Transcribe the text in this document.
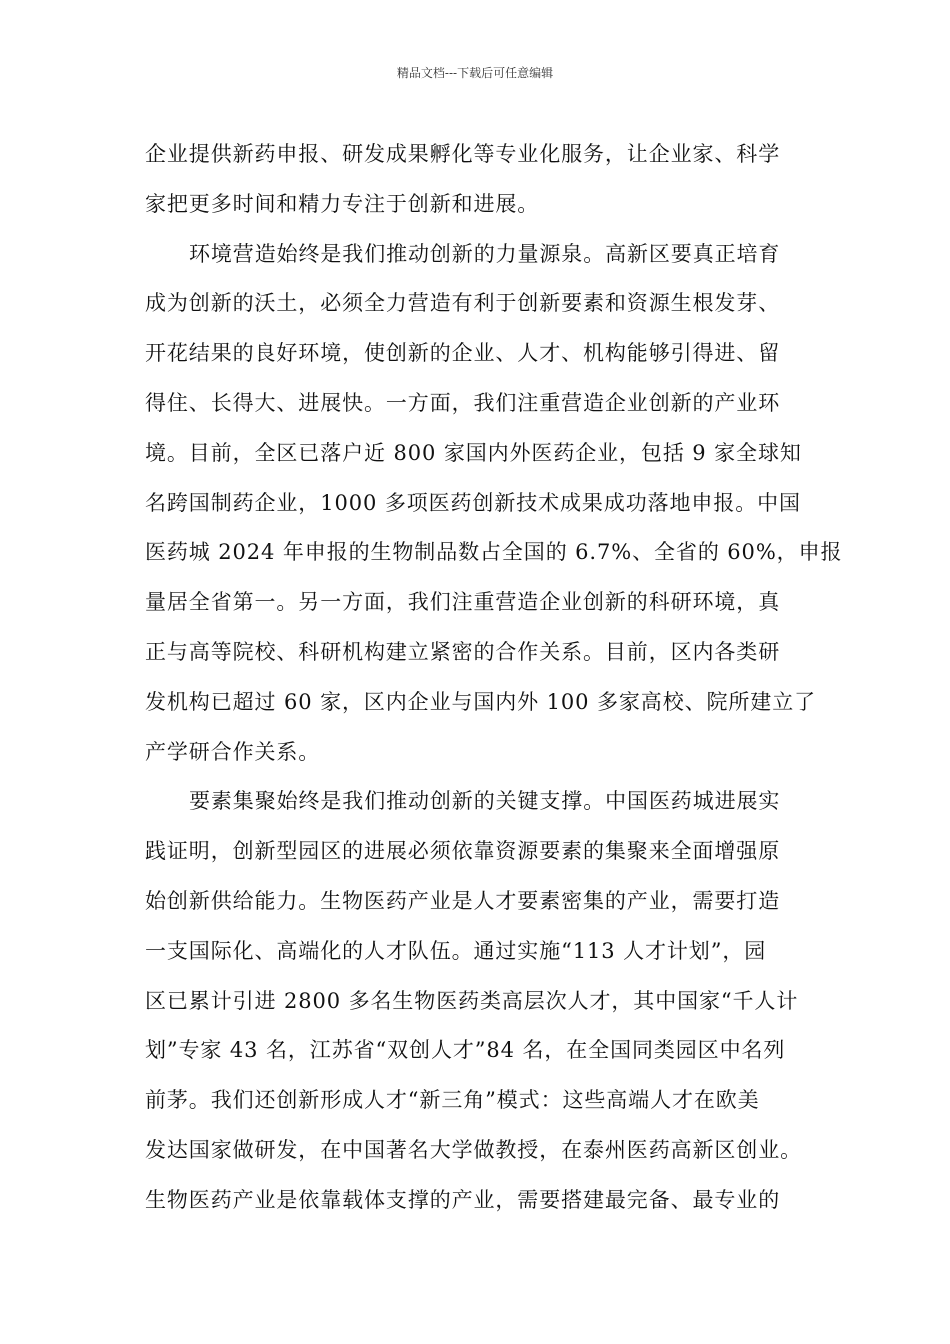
精品文档---下载后可任意编辑
企业提供新药申报、研发成果孵化等专业化服务，让企业家、科学
家把更多时间和精力专注于创新和进展。
环境营造始终是我们推动创新的力量源泉。高新区要真正培育
成为创新的沃土，必须全力营造有利于创新要素和资源生根发芽、
开花结果的良好环境，使创新的企业、人才、机构能够引得进、留
得住、长得大、进展快。一方面，我们注重营造企业创新的产业环
境。目前，全区已落户近 800 家国内外医药企业，包括 9 家全球知
名跨国制药企业，1000 多项医药创新技术成果成功落地申报。中国
医药城 2024 年申报的生物制品数占全国的 6.7%、全省的 60%，申报
量居全省第一。另一方面，我们注重营造企业创新的科研环境，真
正与高等院校、科研机构建立紧密的合作关系。目前，区内各类研
发机构已超过 60 家，区内企业与国内外 100 多家高校、院所建立了
产学研合作关系。
要素集聚始终是我们推动创新的关键支撑。中国医药城进展实
践证明，创新型园区的进展必须依靠资源要素的集聚来全面增强原
始创新供给能力。生物医药产业是人才要素密集的产业，需要打造
一支国际化、高端化的人才队伍。通过实施“113 人才计划”，园
区已累计引进 2800 多名生物医药类高层次人才，其中国家“千人计
划”专家 43 名，江苏省“双创人才”84 名，在全国同类园区中名列
前茅。我们还创新形成人才“新三角”模式：这些高端人才在欧美
发达国家做研发，在中国著名大学做教授，在泰州医药高新区创业。
生物医药产业是依靠载体支撑的产业，需要搭建最完备、最专业的
